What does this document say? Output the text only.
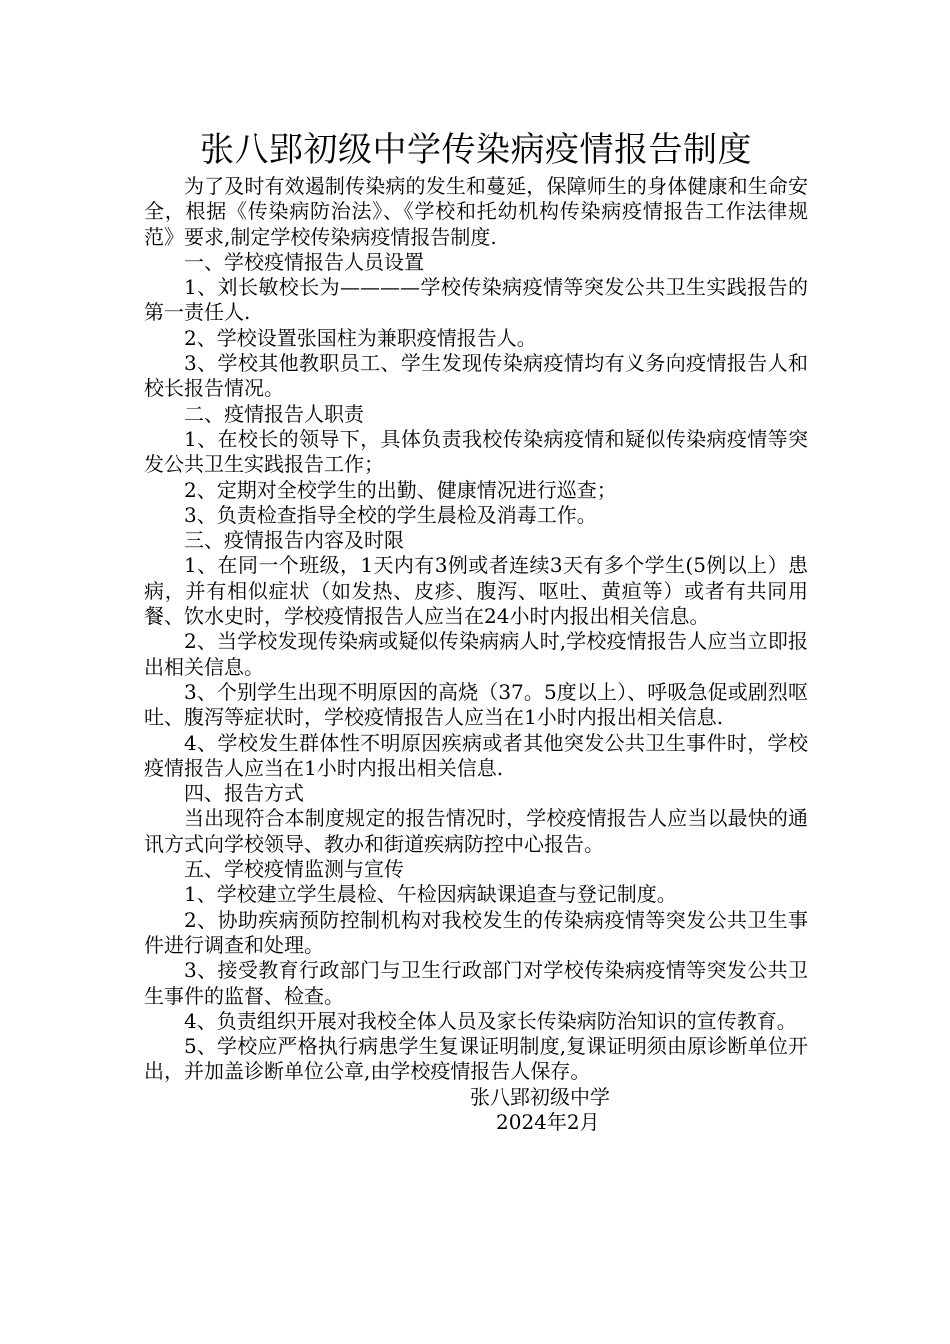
张八郢初级中学传染病疫情报告制度

为了及时有效遏制传染病的发生和蔓延，保障师生的身体健康和生命安全，根据《传染病防治法》、《学校和托幼机构传染病疫情报告工作法律规范》要求,制定学校传染病疫情报告制度.

一、学校疫情报告人员设置

1、刘长敏校长为————学校传染病疫情等突发公共卫生实践报告的第一责任人.

2、学校设置张国柱为兼职疫情报告人。

3、学校其他教职员工、学生发现传染病疫情均有义务向疫情报告人和校长报告情况。

二、疫情报告人职责

1、在校长的领导下，具体负责我校传染病疫情和疑似传染病疫情等突发公共卫生实践报告工作；

2、定期对全校学生的出勤、健康情况进行巡查；

3、负责检查指导全校的学生晨检及消毒工作。

三、疫情报告内容及时限

1、在同一个班级，1天内有3例或者连续3天有多个学生(5例以上）患病，并有相似症状（如发热、皮疹、腹泻、呕吐、黄疸等）或者有共同用餐、饮水史时，学校疫情报告人应当在24小时内报出相关信息。

2、当学校发现传染病或疑似传染病病人时,学校疫情报告人应当立即报出相关信息。

3、个别学生出现不明原因的高烧（37。5度以上）、呼吸急促或剧烈呕吐、腹泻等症状时，学校疫情报告人应当在1小时内报出相关信息.

4、学校发生群体性不明原因疾病或者其他突发公共卫生事件时，学校疫情报告人应当在1小时内报出相关信息.

四、报告方式

当出现符合本制度规定的报告情况时，学校疫情报告人应当以最快的通讯方式向学校领导、教办和街道疾病防控中心报告。

五、学校疫情监测与宣传

1、学校建立学生晨检、午检因病缺课追查与登记制度。

2、协助疾病预防控制机构对我校发生的传染病疫情等突发公共卫生事件进行调查和处理。

3、接受教育行政部门与卫生行政部门对学校传染病疫情等突发公共卫生事件的监督、检查。

4、负责组织开展对我校全体人员及家长传染病防治知识的宣传教育。

5、学校应严格执行病患学生复课证明制度,复课证明须由原诊断单位开出，并加盖诊断单位公章,由学校疫情报告人保存。

张八郢初级中学

2024年2月
